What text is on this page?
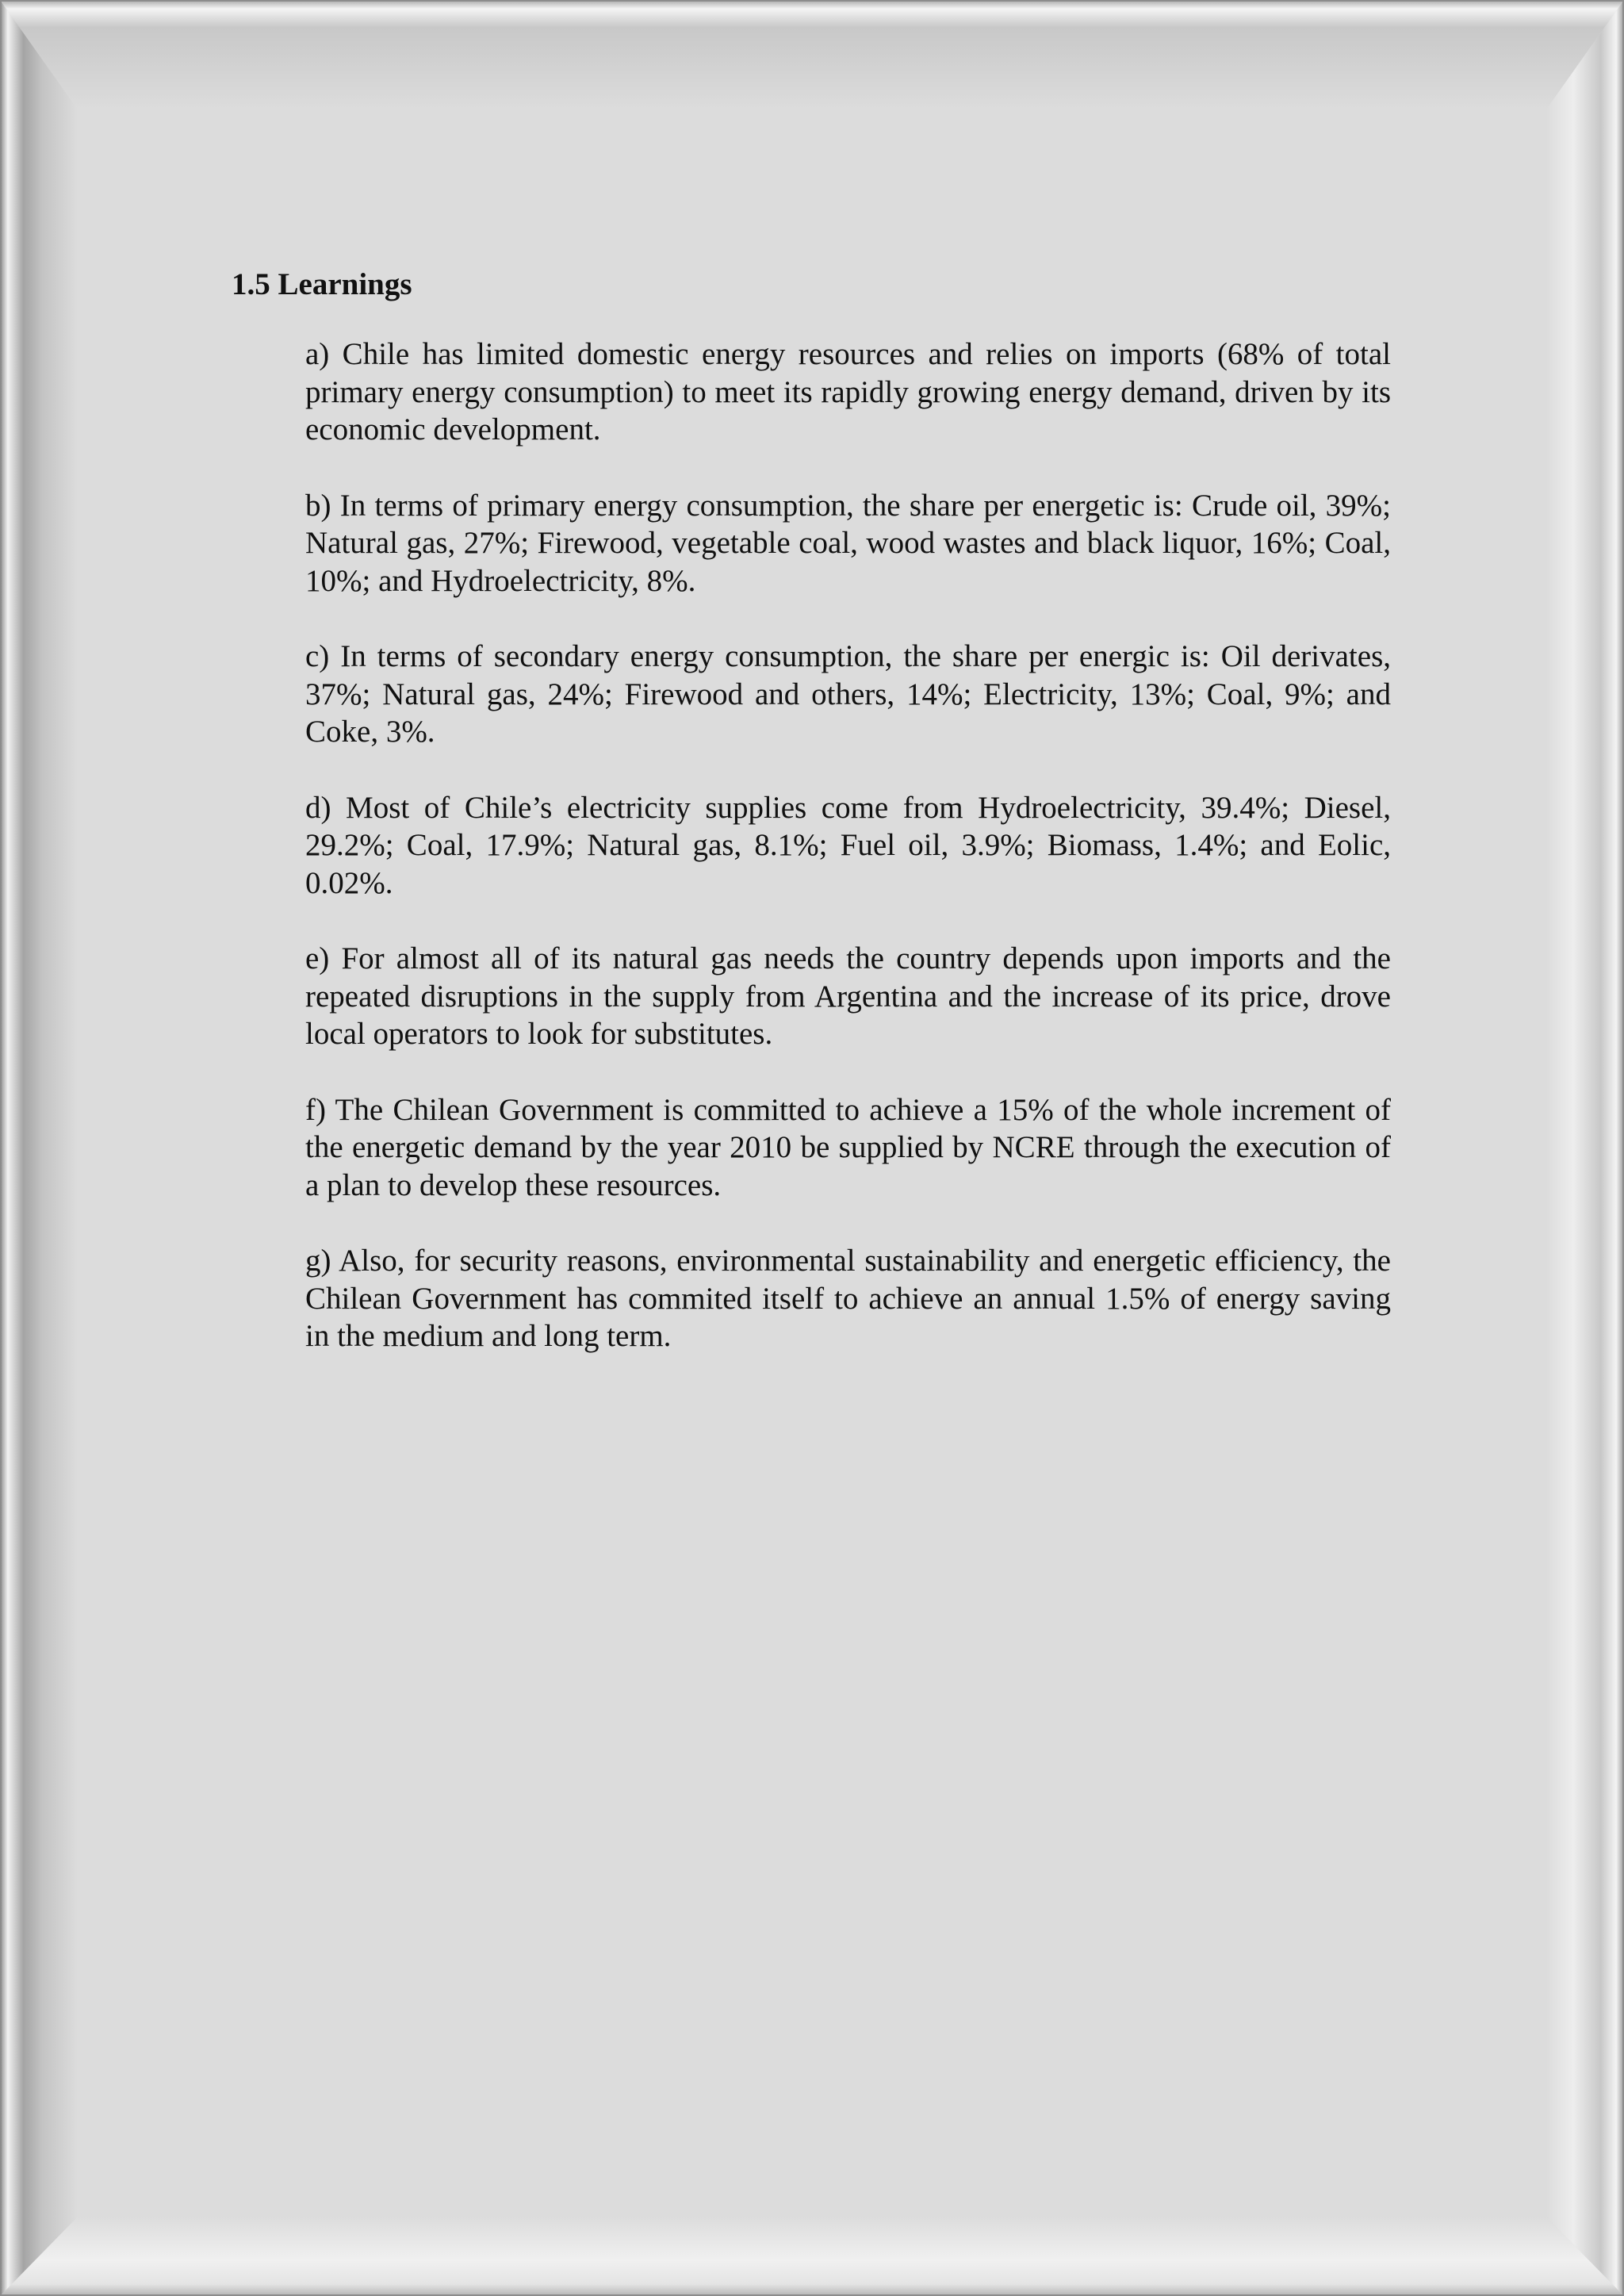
1.5 Learnings

a) Chile has limited domestic energy resources and relies on imports (68% of total primary energy consumption) to meet its rapidly growing energy demand, driven by its economic development.

b) In terms of primary energy consumption, the share per energetic is: Crude oil, 39%; Natural gas, 27%; Firewood, vegetable coal, wood wastes and black liquor, 16%; Coal, 10%; and Hydroelectricity, 8%.

c) In terms of secondary energy consumption, the share per energic is: Oil derivates, 37%; Natural gas, 24%; Firewood and others, 14%; Electricity, 13%; Coal, 9%; and Coke, 3%.

d) Most of Chile’s electricity supplies come from Hydroelectricity, 39.4%; Diesel, 29.2%; Coal, 17.9%; Natural gas, 8.1%; Fuel oil, 3.9%; Biomass, 1.4%; and Eolic, 0.02%.

e) For almost all of its natural gas needs the country depends upon imports and the repeated disruptions in the supply from Argentina and the increase of its price, drove local operators to look for substitutes.

f) The Chilean Government is committed to achieve a 15% of the whole increment of the energetic demand by the year 2010 be supplied by NCRE through the execution of a plan to develop these resources.

g) Also, for security reasons, environmental sustainability and energetic efficiency, the Chilean Government has commited itself to achieve an annual 1.5% of energy saving in the medium and long term.
